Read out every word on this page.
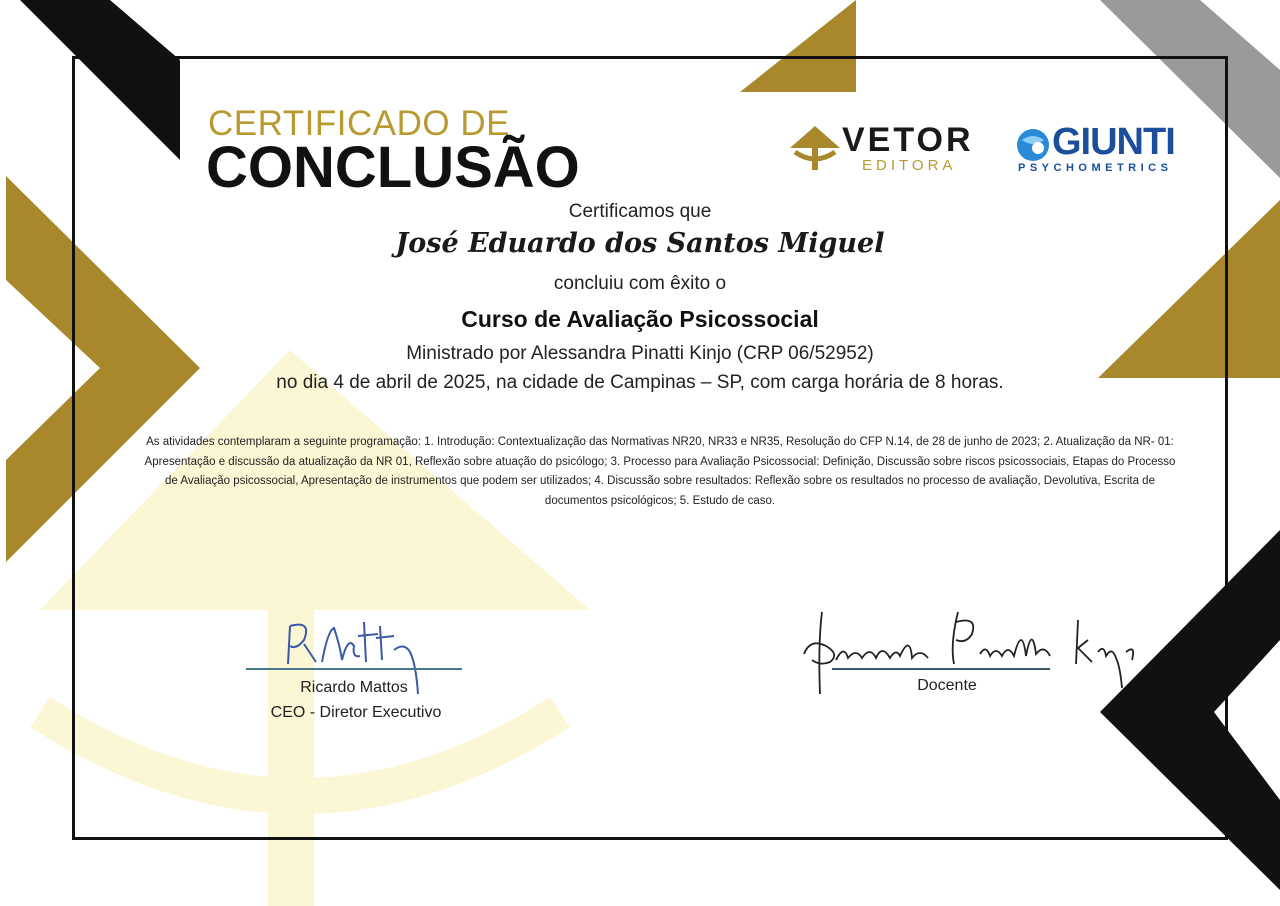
CERTIFICADO DE
CONCLUSÃO	VETOR
EDITORA
GIUNTI
PSYCHOMETRICS
Certificamos que
José Eduardo dos Santos Miguel
concluiu com êxito o
Curso de Avaliação Psicossocial
Ministrado por Alessandra Pinatti Kinjo (CRP 06/52952)
no dia 4 de abril de 2025, na cidade de Campinas – SP, com carga horária de 8 horas.
As atividades contemplaram a seguinte programação: 1. Introdução: Contextualização das Normativas NR20, NR33 e NR35, Resolução do CFP N.14, de 28 de junho de 2023; 2. Atualização da NR- 01: Apresentação e discussão da atualização da NR 01, Reflexão sobre atuação do psicólogo; 3. Processo para Avaliação Psicossocial: Definição, Discussão sobre riscos psicossociais, Etapas do Processo de Avaliação psicossocial, Apresentação de instrumentos que podem ser utilizados; 4. Discussão sobre resultados: Reflexão sobre os resultados no processo de avaliação, Devolutiva, Escrita de documentos psicológicos; 5. Estudo de caso.
Ricardo Mattos
CEO - Diretor Executivo
Docente
